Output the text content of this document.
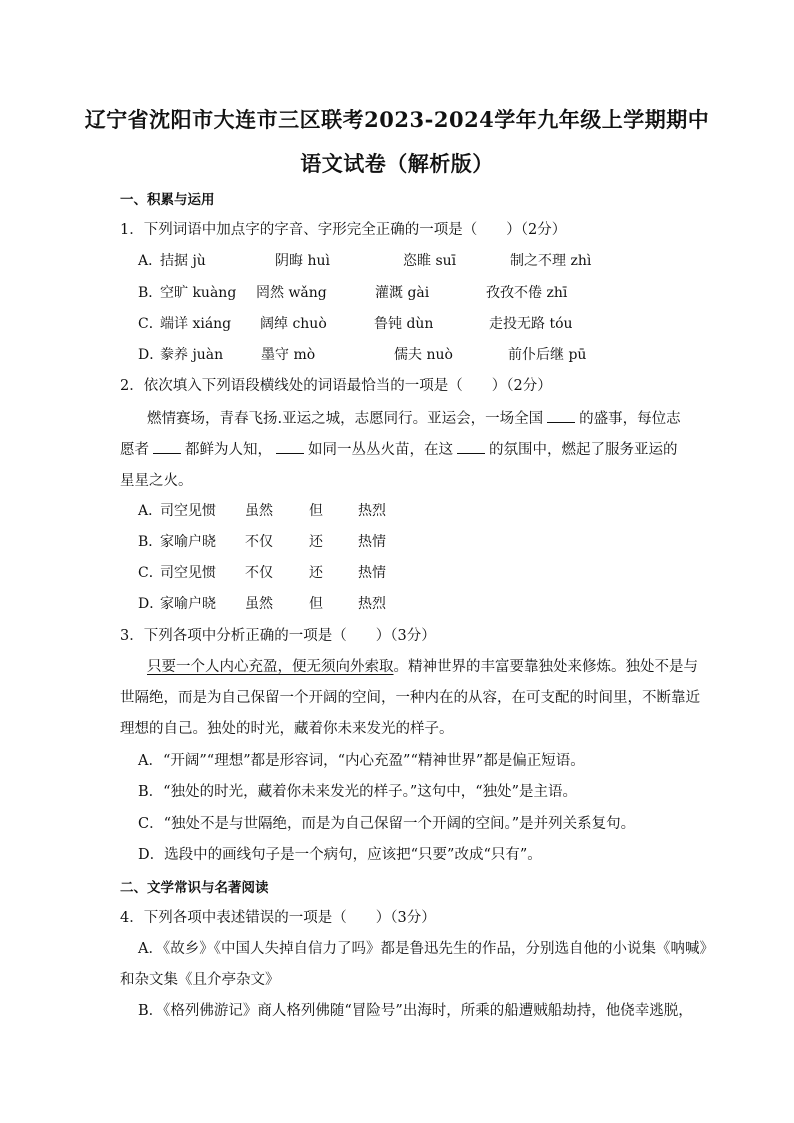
辽宁省沈阳市大连市三区联考2023-2024学年九年级上学期期中
语文试卷（解析版）

一、积累与运用

1．下列词语中加点字的字音、字形完全正确的一项是（　　）（2分）

A．
拮据 jù	阴晦 huì	恣睢 suī	制之不理 zhì
B．
空旷 kuàng 罔然 wǎng	灌溉 gài	孜孜不倦 zhī
C．
端详 xiáng 阔绰 chuò	鲁钝 dùn	走投无路 tóu
D．
豢养 juàn	墨守 mò	儒夫 nuò	前仆后继 pū

2．依次填入下列语段横线处的词语最恰当的一项是（　　）（2分）

燃情赛场，青春飞扬.亚运之城，志愿同行。亚运会，一场全国 的盛事，每位志

愿者 都鲜为人知， 如同一丛丛火苗，在这 的氛围中，燃起了服务亚运的

星星之火。

A．
司空见惯 虽然	但	热烈
B．
家喻户晓 不仅	还	热情
C．
司空见惯 不仅	还	热情
D．
家喻户晓 虽然	但	热烈

3．下列各项中分析正确的一项是（　　）（3分）

只要一个人内心充盈，便无须向外索取。精神世界的丰富要靠独处来修炼。独处不是与

世隔绝，而是为自己保留一个开阔的空间，一种内在的从容，在可支配的时间里，不断靠近

理想的自己。独处的时光，藏着你未来发光的样子。

A．“开阔”“理想”都是形容词，“内心充盈”“精神世界”都是偏正短语。

B．“独处的时光，藏着你未来发光的样子。”这句中，“独处”是主语。

C．“独处不是与世隔绝，而是为自己保留一个开阔的空间。”是并列关系复句。

D．选段中的画线句子是一个病句，应该把“只要”改成“只有”。

二、文学常识与名著阅读

4．下列各项中表述错误的一项是（　　）（3分）

A．《故乡》《中国人失掉自信力了吗》都是鲁迅先生的作品，分别选自他的小说集《呐喊》

和杂文集《且介亭杂文》

B．《格列佛游记》商人格列佛随“冒险号”出海时，所乘的船遭贼船劫持，他侥幸逃脱，
